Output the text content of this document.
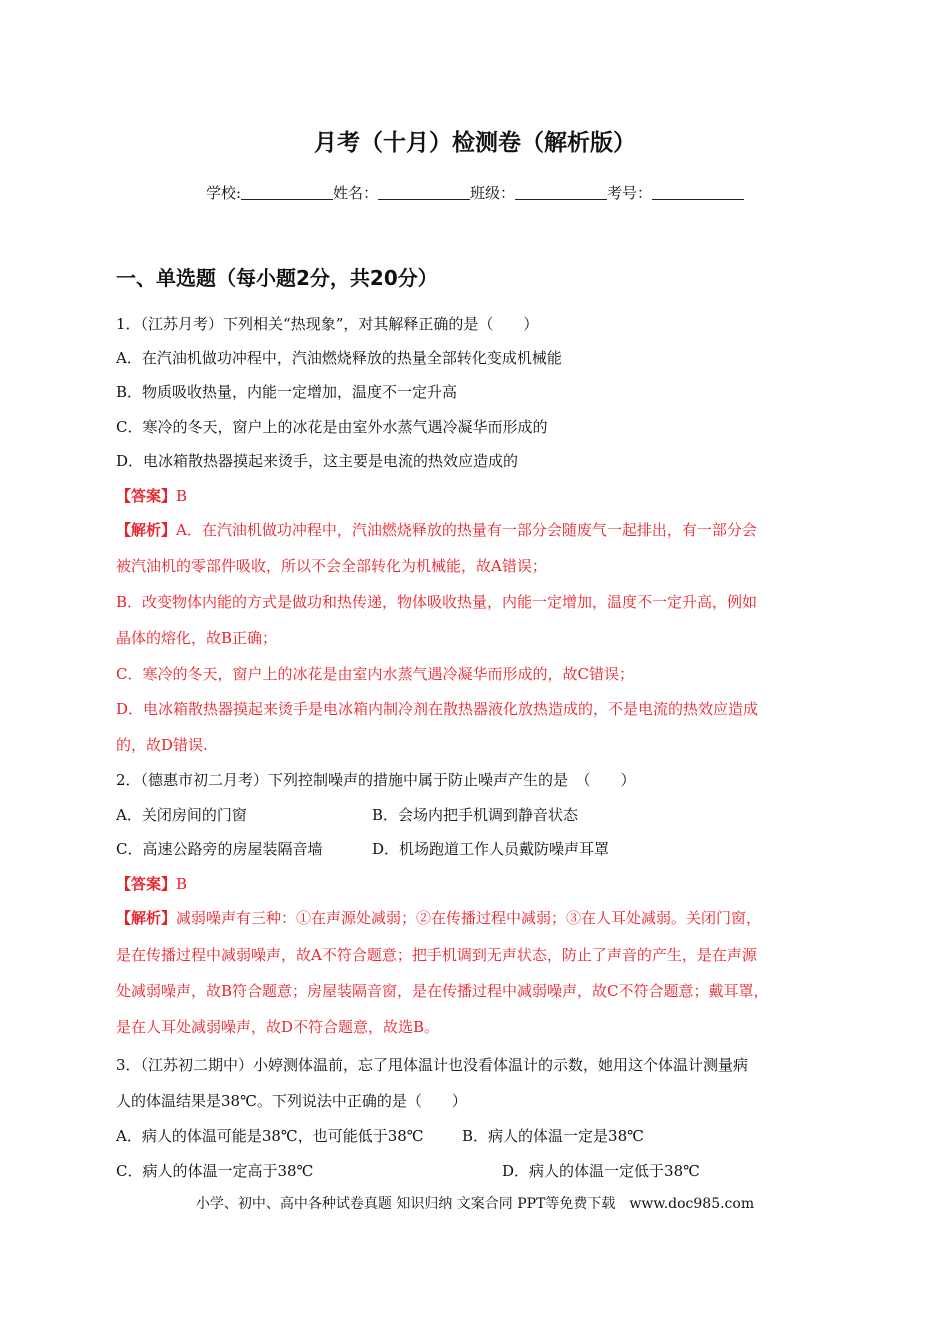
月考（十月）检测卷（解析版）
学校:	姓名：	班级：	考号：
一、单选题（每小题2分，共20分）
1．（江苏月考）下列相关“热现象”，对其解释正确的是（　　）
A．在汽油机做功冲程中，汽油燃烧释放的热量全部转化变成机械能
B．物质吸收热量，内能一定增加，温度不一定升高
C．寒冷的冬天，窗户上的冰花是由室外水蒸气遇冷凝华而形成的
D．电冰箱散热器摸起来烫手，这主要是电流的热效应造成的
【答案】B
【解析】A．在汽油机做功冲程中，汽油燃烧释放的热量有一部分会随废气一起排出，有一部分会
被汽油机的零部件吸收，所以不会全部转化为机械能，故A错误；
B．改变物体内能的方式是做功和热传递，物体吸收热量，内能一定增加，温度不一定升高，例如
晶体的熔化，故B正确；
C．寒冷的冬天，窗户上的冰花是由室内水蒸气遇冷凝华而形成的，故C错误；
D．电冰箱散热器摸起来烫手是电冰箱内制冷剂在散热器液化放热造成的，不是电流的热效应造成
的，故D错误.
2．（德惠市初二月考）下列控制噪声的措施中属于防止噪声产生的是　（　　）
A．关闭房间的门窗	B．会场内把手机调到静音状态
C．高速公路旁的房屋装隔音墙	D．机场跑道工作人员戴防噪声耳罩
【答案】B
【解析】减弱噪声有三种：①在声源处减弱；②在传播过程中减弱；③在人耳处减弱。关闭门窗，
是在传播过程中减弱噪声，故A不符合题意；把手机调到无声状态，防止了声音的产生，是在声源
处减弱噪声，故B符合题意；房屋装隔音窗，是在传播过程中减弱噪声，故C不符合题意；戴耳罩，
是在人耳处减弱噪声，故D不符合题意，故选B。
3．（江苏初二期中）小婷测体温前，忘了甩体温计也没看体温计的示数，她用这个体温计测量病
人的体温结果是38℃。下列说法中正确的是（　　）
A．病人的体温可能是38℃，也可能低于38℃	B．病人的体温一定是38℃
C．病人的体温一定高于38℃	D．病人的体温一定低于38℃
小学、初中、高中各种试卷真题 知识归纳 文案合同 PPT等免费下载　www.doc985.com
